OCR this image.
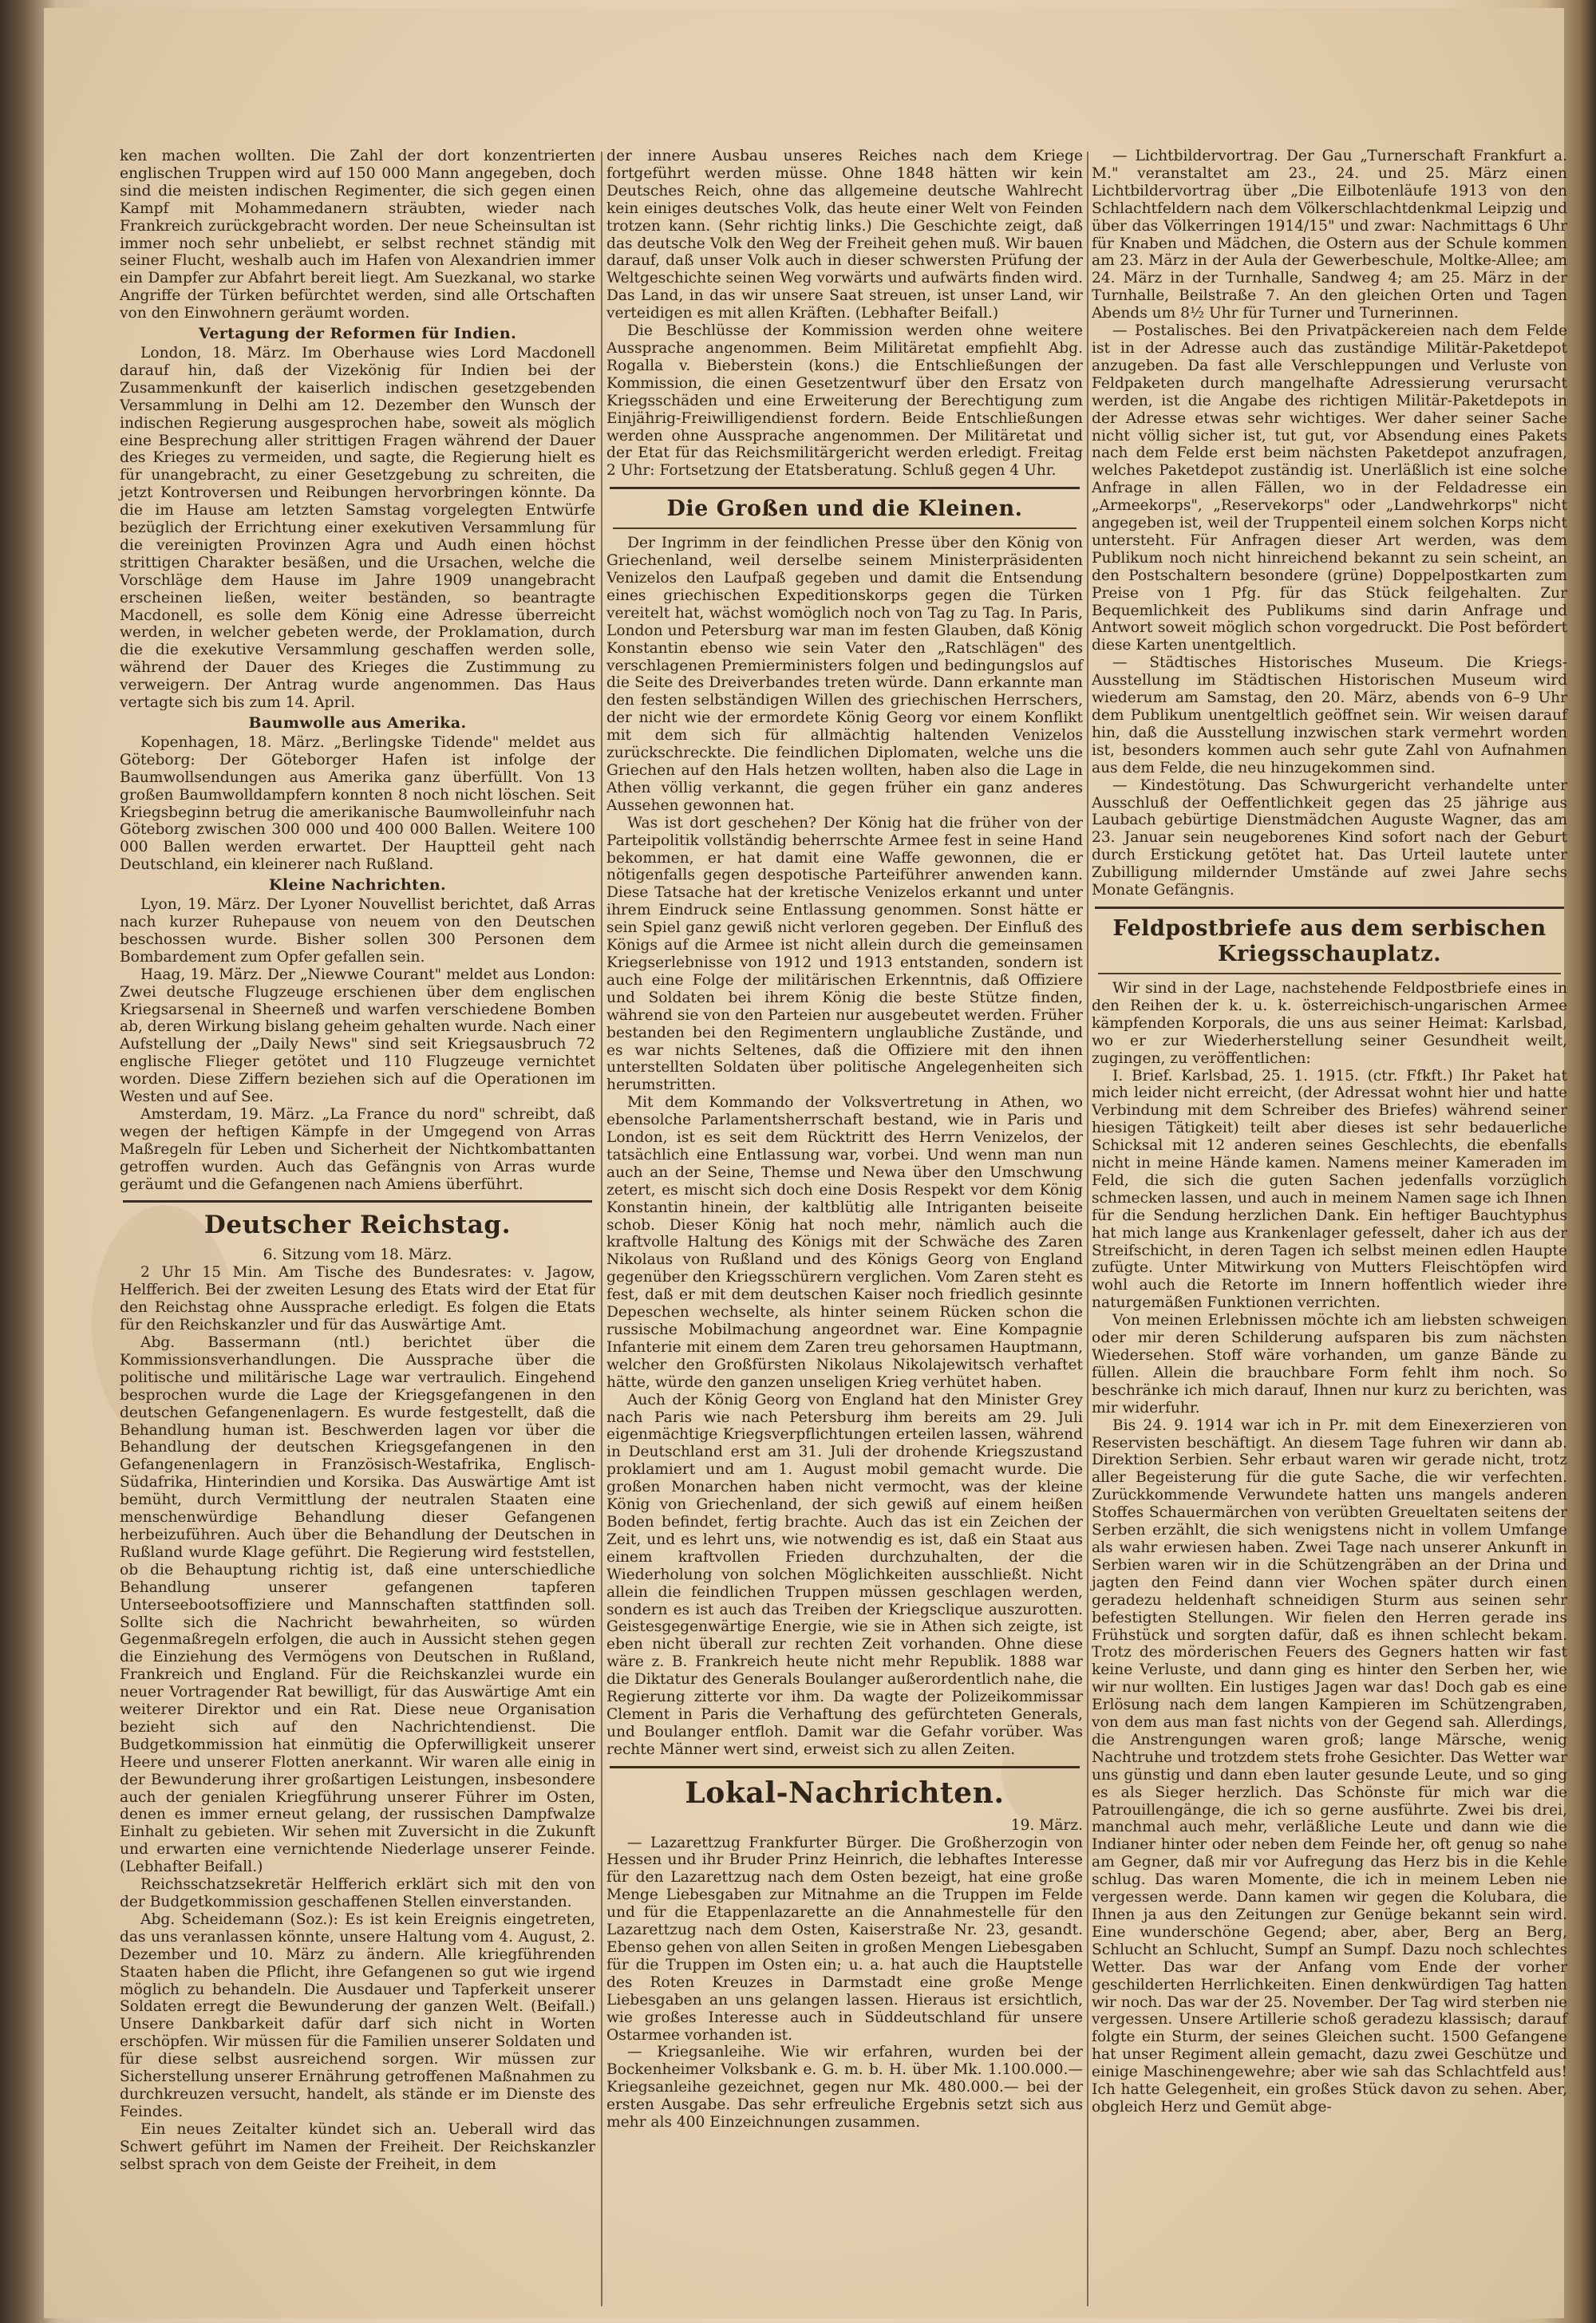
ken machen wollten. Die Zahl der dort konzentrierten englischen Truppen wird auf 150 000 Mann angegeben, doch sind die meisten indischen Regimenter, die sich gegen einen Kampf mit Mohammedanern sträubten, wieder nach Frankreich zurückgebracht worden. Der neue Scheinsultan ist immer noch sehr unbeliebt, er selbst rechnet ständig mit seiner Flucht, weshalb auch im Hafen von Alexandrien immer ein Dampfer zur Abfahrt bereit liegt. Am Suezkanal, wo starke Angriffe der Türken befürchtet werden, sind alle Ortschaften von den Einwohnern geräumt worden.

Vertagung der Reformen für Indien.

London, 18. März. Im Oberhause wies Lord Macdonell darauf hin, daß der Vizekönig für Indien bei der Zusammenkunft der kaiserlich indischen gesetzgebenden Versammlung in Delhi am 12. Dezember den Wunsch der indischen Regierung ausgesprochen habe, soweit als möglich eine Besprechung aller strittigen Fragen während der Dauer des Krieges zu vermeiden, und sagte, die Regierung hielt es für unangebracht, zu einer Gesetzgebung zu schreiten, die jetzt Kontroversen und Reibungen hervorbringen könnte. Da die im Hause am letzten Samstag vorgelegten Entwürfe bezüglich der Errichtung einer exekutiven Versammlung für die vereinigten Provinzen Agra und Audh einen höchst strittigen Charakter besäßen, und die Ursachen, welche die Vorschläge dem Hause im Jahre 1909 unangebracht erscheinen ließen, weiter beständen, so beantragte Macdonell, es solle dem König eine Adresse überreicht werden, in welcher gebeten werde, der Proklamation, durch die die exekutive Versammlung geschaffen werden solle, während der Dauer des Krieges die Zustimmung zu verweigern. Der Antrag wurde angenommen. Das Haus vertagte sich bis zum 14. April.

Baumwolle aus Amerika.

Kopenhagen, 18. März. „Berlingske Tidende" meldet aus Göteborg: Der Göteborger Hafen ist infolge der Baumwollsendungen aus Amerika ganz überfüllt. Von 13 großen Baumwolldampfern konnten 8 noch nicht löschen. Seit Kriegsbeginn betrug die amerikanische Baumwolleinfuhr nach Göteborg zwischen 300 000 und 400 000 Ballen. Weitere 100 000 Ballen werden erwartet. Der Hauptteil geht nach Deutschland, ein kleinerer nach Rußland.

Kleine Nachrichten.

Lyon, 19. März. Der Lyoner Nouvellist berichtet, daß Arras nach kurzer Ruhepause von neuem von den Deutschen beschossen wurde. Bisher sollen 300 Personen dem Bombardement zum Opfer gefallen sein.

Haag, 19. März. Der „Niewwe Courant" meldet aus London: Zwei deutsche Flugzeuge erschienen über dem englischen Kriegsarsenal in Sheerneß und warfen verschiedene Bomben ab, deren Wirkung bislang geheim gehalten wurde. Nach einer Aufstellung der „Daily News" sind seit Kriegsausbruch 72 englische Flieger getötet und 110 Flugzeuge vernichtet worden. Diese Ziffern beziehen sich auf die Operationen im Westen und auf See.

Amsterdam, 19. März. „La France du nord" schreibt, daß wegen der heftigen Kämpfe in der Umgegend von Arras Maßregeln für Leben und Sicherheit der Nichtkombattanten getroffen wurden. Auch das Gefängnis von Arras wurde geräumt und die Gefangenen nach Amiens überführt.

Deutscher Reichstag.

6. Sitzung vom 18. März.

2 Uhr 15 Min. Am Tische des Bundesrates: v. Jagow, Helfferich. Bei der zweiten Lesung des Etats wird der Etat für den Reichstag ohne Aussprache erledigt. Es folgen die Etats für den Reichskanzler und für das Auswärtige Amt.

Abg. Bassermann (ntl.) berichtet über die Kommissionsverhandlungen. Die Aussprache über die politische und militärische Lage war vertraulich. Eingehend besprochen wurde die Lage der Kriegsgefangenen in den deutschen Gefangenenlagern. Es wurde festgestellt, daß die Behandlung human ist. Beschwerden lagen vor über die Behandlung der deutschen Kriegsgefangenen in den Gefangenenlagern in Französisch-Westafrika, Englisch-Südafrika, Hinterindien und Korsika. Das Auswärtige Amt ist bemüht, durch Vermittlung der neutralen Staaten eine menschenwürdige Behandlung dieser Gefangenen herbeizuführen. Auch über die Behandlung der Deutschen in Rußland wurde Klage geführt. Die Regierung wird feststellen, ob die Behauptung richtig ist, daß eine unterschiedliche Behandlung unserer gefangenen tapferen Unterseebootsoffiziere und Mannschaften stattfinden soll. Sollte sich die Nachricht bewahrheiten, so würden Gegenmaßregeln erfolgen, die auch in Aussicht stehen gegen die Einziehung des Vermögens von Deutschen in Rußland, Frankreich und England. Für die Reichskanzlei wurde ein neuer Vortragender Rat bewilligt, für das Auswärtige Amt ein weiterer Direktor und ein Rat. Diese neue Organisation bezieht sich auf den Nachrichtendienst. Die Budgetkommission hat einmütig die Opferwilligkeit unserer Heere und unserer Flotten anerkannt. Wir waren alle einig in der Bewunderung ihrer großartigen Leistungen, insbesondere auch der genialen Kriegführung unserer Führer im Osten, denen es immer erneut gelang, der russischen Dampfwalze Einhalt zu gebieten. Wir sehen mit Zuversicht in die Zukunft und erwarten eine vernichtende Niederlage unserer Feinde. (Lebhafter Beifall.)

Reichsschatzsekretär Helfferich erklärt sich mit den von der Budgetkommission geschaffenen Stellen einverstanden.

Abg. Scheidemann (Soz.): Es ist kein Ereignis eingetreten, das uns veranlassen könnte, unsere Haltung vom 4. August, 2. Dezember und 10. März zu ändern. Alle kriegführenden Staaten haben die Pflicht, ihre Gefangenen so gut wie irgend möglich zu behandeln. Die Ausdauer und Tapferkeit unserer Soldaten erregt die Bewunderung der ganzen Welt. (Beifall.) Unsere Dankbarkeit dafür darf sich nicht in Worten erschöpfen. Wir müssen für die Familien unserer Soldaten und für diese selbst ausreichend sorgen. Wir müssen zur Sicherstellung unserer Ernährung getroffenen Maßnahmen zu durchkreuzen versucht, handelt, als stände er im Dienste des Feindes.

Ein neues Zeitalter kündet sich an. Ueberall wird das Schwert geführt im Namen der Freiheit. Der Reichskanzler selbst sprach von dem Geiste der Freiheit, in dem

der innere Ausbau unseres Reiches nach dem Kriege fortgeführt werden müsse. Ohne 1848 hätten wir kein Deutsches Reich, ohne das allgemeine deutsche Wahlrecht kein einiges deutsches Volk, das heute einer Welt von Feinden trotzen kann. (Sehr richtig links.) Die Geschichte zeigt, daß das deutsche Volk den Weg der Freiheit gehen muß. Wir bauen darauf, daß unser Volk auch in dieser schwersten Prüfung der Weltgeschichte seinen Weg vorwärts und aufwärts finden wird. Das Land, in das wir unsere Saat streuen, ist unser Land, wir verteidigen es mit allen Kräften. (Lebhafter Beifall.)

Die Beschlüsse der Kommission werden ohne weitere Aussprache angenommen. Beim Militäretat empfiehlt Abg. Rogalla v. Bieberstein (kons.) die Entschließungen der Kommission, die einen Gesetzentwurf über den Ersatz von Kriegsschäden und eine Erweiterung der Berechtigung zum Einjährig-Freiwilligendienst fordern. Beide Entschließungen werden ohne Aussprache angenommen. Der Militäretat und der Etat für das Reichsmilitärgericht werden erledigt. Freitag 2 Uhr: Fortsetzung der Etatsberatung. Schluß gegen 4 Uhr.

Die Großen und die Kleinen.

Der Ingrimm in der feindlichen Presse über den König von Griechenland, weil derselbe seinem Ministerpräsidenten Venizelos den Laufpaß gegeben und damit die Entsendung eines griechischen Expeditionskorps gegen die Türken vereitelt hat, wächst womöglich noch von Tag zu Tag. In Paris, London und Petersburg war man im festen Glauben, daß König Konstantin ebenso wie sein Vater den „Ratschlägen" des verschlagenen Premierministers folgen und bedingungslos auf die Seite des Dreiverbandes treten würde. Dann erkannte man den festen selbständigen Willen des griechischen Herrschers, der nicht wie der ermordete König Georg vor einem Konflikt mit dem sich für allmächtig haltenden Venizelos zurückschreckte. Die feindlichen Diplomaten, welche uns die Griechen auf den Hals hetzen wollten, haben also die Lage in Athen völlig verkannt, die gegen früher ein ganz anderes Aussehen gewonnen hat.

Was ist dort geschehen? Der König hat die früher von der Parteipolitik vollständig beherrschte Armee fest in seine Hand bekommen, er hat damit eine Waffe gewonnen, die er nötigenfalls gegen despotische Parteiführer anwenden kann. Diese Tatsache hat der kretische Venizelos erkannt und unter ihrem Eindruck seine Entlassung genommen. Sonst hätte er sein Spiel ganz gewiß nicht verloren gegeben. Der Einfluß des Königs auf die Armee ist nicht allein durch die gemeinsamen Kriegserlebnisse von 1912 und 1913 entstanden, sondern ist auch eine Folge der militärischen Erkenntnis, daß Offiziere und Soldaten bei ihrem König die beste Stütze finden, während sie von den Parteien nur ausgebeutet werden. Früher bestanden bei den Regimentern unglaubliche Zustände, und es war nichts Seltenes, daß die Offiziere mit den ihnen unterstellten Soldaten über politische Angelegenheiten sich herumstritten.

Mit dem Kommando der Volksvertretung in Athen, wo ebensolche Parlamentsherrschaft bestand, wie in Paris und London, ist es seit dem Rücktritt des Herrn Venizelos, der tatsächlich eine Entlassung war, vorbei. Und wenn man nun auch an der Seine, Themse und Newa über den Umschwung zetert, es mischt sich doch eine Dosis Respekt vor dem König Konstantin hinein, der kaltblütig alle Intriganten beiseite schob. Dieser König hat noch mehr, nämlich auch die kraftvolle Haltung des Königs mit der Schwäche des Zaren Nikolaus von Rußland und des Königs Georg von England gegenüber den Kriegsschürern verglichen. Vom Zaren steht es fest, daß er mit dem deutschen Kaiser noch friedlich gesinnte Depeschen wechselte, als hinter seinem Rücken schon die russische Mobilmachung angeordnet war. Eine Kompagnie Infanterie mit einem dem Zaren treu gehorsamen Hauptmann, welcher den Großfürsten Nikolaus Nikolajewitsch verhaftet hätte, würde den ganzen unseligen Krieg verhütet haben.

Auch der König Georg von England hat den Minister Grey nach Paris wie nach Petersburg ihm bereits am 29. Juli eigenmächtige Kriegsverpflichtungen erteilen lassen, während in Deutschland erst am 31. Juli der drohende Kriegszustand proklamiert und am 1. August mobil gemacht wurde. Die großen Monarchen haben nicht vermocht, was der kleine König von Griechenland, der sich gewiß auf einem heißen Boden befindet, fertig brachte. Auch das ist ein Zeichen der Zeit, und es lehrt uns, wie notwendig es ist, daß ein Staat aus einem kraftvollen Frieden durchzuhalten, der die Wiederholung von solchen Möglichkeiten ausschließt. Nicht allein die feindlichen Truppen müssen geschlagen werden, sondern es ist auch das Treiben der Kriegsclique auszurotten. Geistesgegenwärtige Energie, wie sie in Athen sich zeigte, ist eben nicht überall zur rechten Zeit vorhanden. Ohne diese wäre z. B. Frankreich heute nicht mehr Republik. 1888 war die Diktatur des Generals Boulanger außerordentlich nahe, die Regierung zitterte vor ihm. Da wagte der Polizeikommissar Clement in Paris die Verhaftung des gefürchteten Generals, und Boulanger entfloh. Damit war die Gefahr vorüber. Was rechte Männer wert sind, erweist sich zu allen Zeiten.

Lokal-Nachrichten.

19. März.

— Lazarettzug Frankfurter Bürger. Die Großherzogin von Hessen und ihr Bruder Prinz Heinrich, die lebhaftes Interesse für den Lazarettzug nach dem Osten bezeigt, hat eine große Menge Liebesgaben zur Mitnahme an die Truppen im Felde und für die Etappenlazarette an die Annahmestelle für den Lazarettzug nach dem Osten, Kaiserstraße Nr. 23, gesandt. Ebenso gehen von allen Seiten in großen Mengen Liebesgaben für die Truppen im Osten ein; u. a. hat auch die Hauptstelle des Roten Kreuzes in Darmstadt eine große Menge Liebesgaben an uns gelangen lassen. Hieraus ist ersichtlich, wie großes Interesse auch in Süddeutschland für unsere Ostarmee vorhanden ist.

— Kriegsanleihe. Wie wir erfahren, wurden bei der Bockenheimer Volksbank e. G. m. b. H. über Mk. 1.100.000.— Kriegsanleihe gezeichnet, gegen nur Mk. 480.000.— bei der ersten Ausgabe. Das sehr erfreuliche Ergebnis setzt sich aus mehr als 400 Einzeichnungen zusammen.

— Lichtbildervortrag. Der Gau „Turnerschaft Frankfurt a. M." veranstaltet am 23., 24. und 25. März einen Lichtbildervortrag über „Die Eilbotenläufe 1913 von den Schlachtfeldern nach dem Völkerschlachtdenkmal Leipzig und über das Völkerringen 1914/15" und zwar: Nachmittags 6 Uhr für Knaben und Mädchen, die Ostern aus der Schule kommen am 23. März in der Aula der Gewerbeschule, Moltke-Allee; am 24. März in der Turnhalle, Sandweg 4; am 25. März in der Turnhalle, Beilstraße 7. An den gleichen Orten und Tagen Abends um 8½ Uhr für Turner und Turnerinnen.

— Postalisches. Bei den Privatpäckereien nach dem Felde ist in der Adresse auch das zuständige Militär-Paketdepot anzugeben. Da fast alle Verschleppungen und Verluste von Feldpaketen durch mangelhafte Adressierung verursacht werden, ist die Angabe des richtigen Militär-Paketdepots in der Adresse etwas sehr wichtiges. Wer daher seiner Sache nicht völlig sicher ist, tut gut, vor Absendung eines Pakets nach dem Felde erst beim nächsten Paketdepot anzufragen, welches Paketdepot zuständig ist. Unerläßlich ist eine solche Anfrage in allen Fällen, wo in der Feldadresse ein „Armeekorps", „Reservekorps" oder „Landwehrkorps" nicht angegeben ist, weil der Truppenteil einem solchen Korps nicht untersteht. Für Anfragen dieser Art werden, was dem Publikum noch nicht hinreichend bekannt zu sein scheint, an den Postschaltern besondere (grüne) Doppelpostkarten zum Preise von 1 Pfg. für das Stück feilgehalten. Zur Bequemlichkeit des Publikums sind darin Anfrage und Antwort soweit möglich schon vorgedruckt. Die Post befördert diese Karten unentgeltlich.

— Städtisches Historisches Museum. Die Kriegs-Ausstellung im Städtischen Historischen Museum wird wiederum am Samstag, den 20. März, abends von 6–9 Uhr dem Publikum unentgeltlich geöffnet sein. Wir weisen darauf hin, daß die Ausstellung inzwischen stark vermehrt worden ist, besonders kommen auch sehr gute Zahl von Aufnahmen aus dem Felde, die neu hinzugekommen sind.

— Kindestötung. Das Schwurgericht verhandelte unter Ausschluß der Oeffentlichkeit gegen das 25 jährige aus Laubach gebürtige Dienstmädchen Auguste Wagner, das am 23. Januar sein neugeborenes Kind sofort nach der Geburt durch Erstickung getötet hat. Das Urteil lautete unter Zubilligung mildernder Umstände auf zwei Jahre sechs Monate Gefängnis.

Feldpostbriefe aus dem serbischen Kriegsschauplatz.

Wir sind in der Lage, nachstehende Feldpostbriefe eines in den Reihen der k. u. k. österreichisch-ungarischen Armee kämpfenden Korporals, die uns aus seiner Heimat: Karlsbad, wo er zur Wiederherstellung seiner Gesundheit weilt, zugingen, zu veröffentlichen:

I. Brief. Karlsbad, 25. 1. 1915. (ctr. Ffkft.) Ihr Paket hat mich leider nicht erreicht, (der Adressat wohnt hier und hatte Verbindung mit dem Schreiber des Briefes) während seiner hiesigen Tätigkeit) teilt aber dieses ist sehr bedauerliche Schicksal mit 12 anderen seines Geschlechts, die ebenfalls nicht in meine Hände kamen. Namens meiner Kameraden im Feld, die sich die guten Sachen jedenfalls vorzüglich schmecken lassen, und auch in meinem Namen sage ich Ihnen für die Sendung herzlichen Dank. Ein heftiger Bauchtyphus hat mich lange aus Krankenlager gefesselt, daher ich aus der Streifschicht, in deren Tagen ich selbst meinen edlen Haupte zufügte. Unter Mitwirkung von Mutters Fleischtöpfen wird wohl auch die Retorte im Innern hoffentlich wieder ihre naturgemäßen Funktionen verrichten.

Von meinen Erlebnissen möchte ich am liebsten schweigen oder mir deren Schilderung aufsparen bis zum nächsten Wiedersehen. Stoff wäre vorhanden, um ganze Bände zu füllen. Allein die brauchbare Form fehlt ihm noch. So beschränke ich mich darauf, Ihnen nur kurz zu berichten, was mir widerfuhr.

Bis 24. 9. 1914 war ich in Pr. mit dem Einexerzieren von Reservisten beschäftigt. An diesem Tage fuhren wir dann ab. Direktion Serbien. Sehr erbaut waren wir gerade nicht, trotz aller Begeisterung für die gute Sache, die wir verfechten. Zurückkommende Verwundete hatten uns mangels anderen Stoffes Schauermärchen von verübten Greueltaten seitens der Serben erzählt, die sich wenigstens nicht in vollem Umfange als wahr erwiesen haben. Zwei Tage nach unserer Ankunft in Serbien waren wir in die Schützengräben an der Drina und jagten den Feind dann vier Wochen später durch einen geradezu heldenhaft schneidigen Sturm aus seinen sehr befestigten Stellungen. Wir fielen den Herren gerade ins Frühstück und sorgten dafür, daß es ihnen schlecht bekam. Trotz des mörderischen Feuers des Gegners hatten wir fast keine Verluste, und dann ging es hinter den Serben her, wie wir nur wollten. Ein lustiges Jagen war das! Doch gab es eine Erlösung nach dem langen Kampieren im Schützengraben, von dem aus man fast nichts von der Gegend sah. Allerdings, die Anstrengungen waren groß; lange Märsche, wenig Nachtruhe und trotzdem stets frohe Gesichter. Das Wetter war uns günstig und dann eben lauter gesunde Leute, und so ging es als Sieger herzlich. Das Schönste für mich war die Patrouillengänge, die ich so gerne ausführte. Zwei bis drei, manchmal auch mehr, verläßliche Leute und dann wie die Indianer hinter oder neben dem Feinde her, oft genug so nahe am Gegner, daß mir vor Aufregung das Herz bis in die Kehle schlug. Das waren Momente, die ich in meinem Leben nie vergessen werde. Dann kamen wir gegen die Kolubara, die Ihnen ja aus den Zeitungen zur Genüge bekannt sein wird. Eine wunderschöne Gegend; aber, aber, Berg an Berg, Schlucht an Schlucht, Sumpf an Sumpf. Dazu noch schlechtes Wetter. Das war der Anfang vom Ende der vorher geschilderten Herrlichkeiten. Einen denkwürdigen Tag hatten wir noch. Das war der 25. November. Der Tag wird sterben nie vergessen. Unsere Artillerie schoß geradezu klassisch; darauf folgte ein Sturm, der seines Gleichen sucht. 1500 Gefangene hat unser Regiment allein gemacht, dazu zwei Geschütze und einige Maschinengewehre; aber wie sah das Schlachtfeld aus! Ich hatte Gelegenheit, ein großes Stück davon zu sehen. Aber, obgleich Herz und Gemüt abge-
